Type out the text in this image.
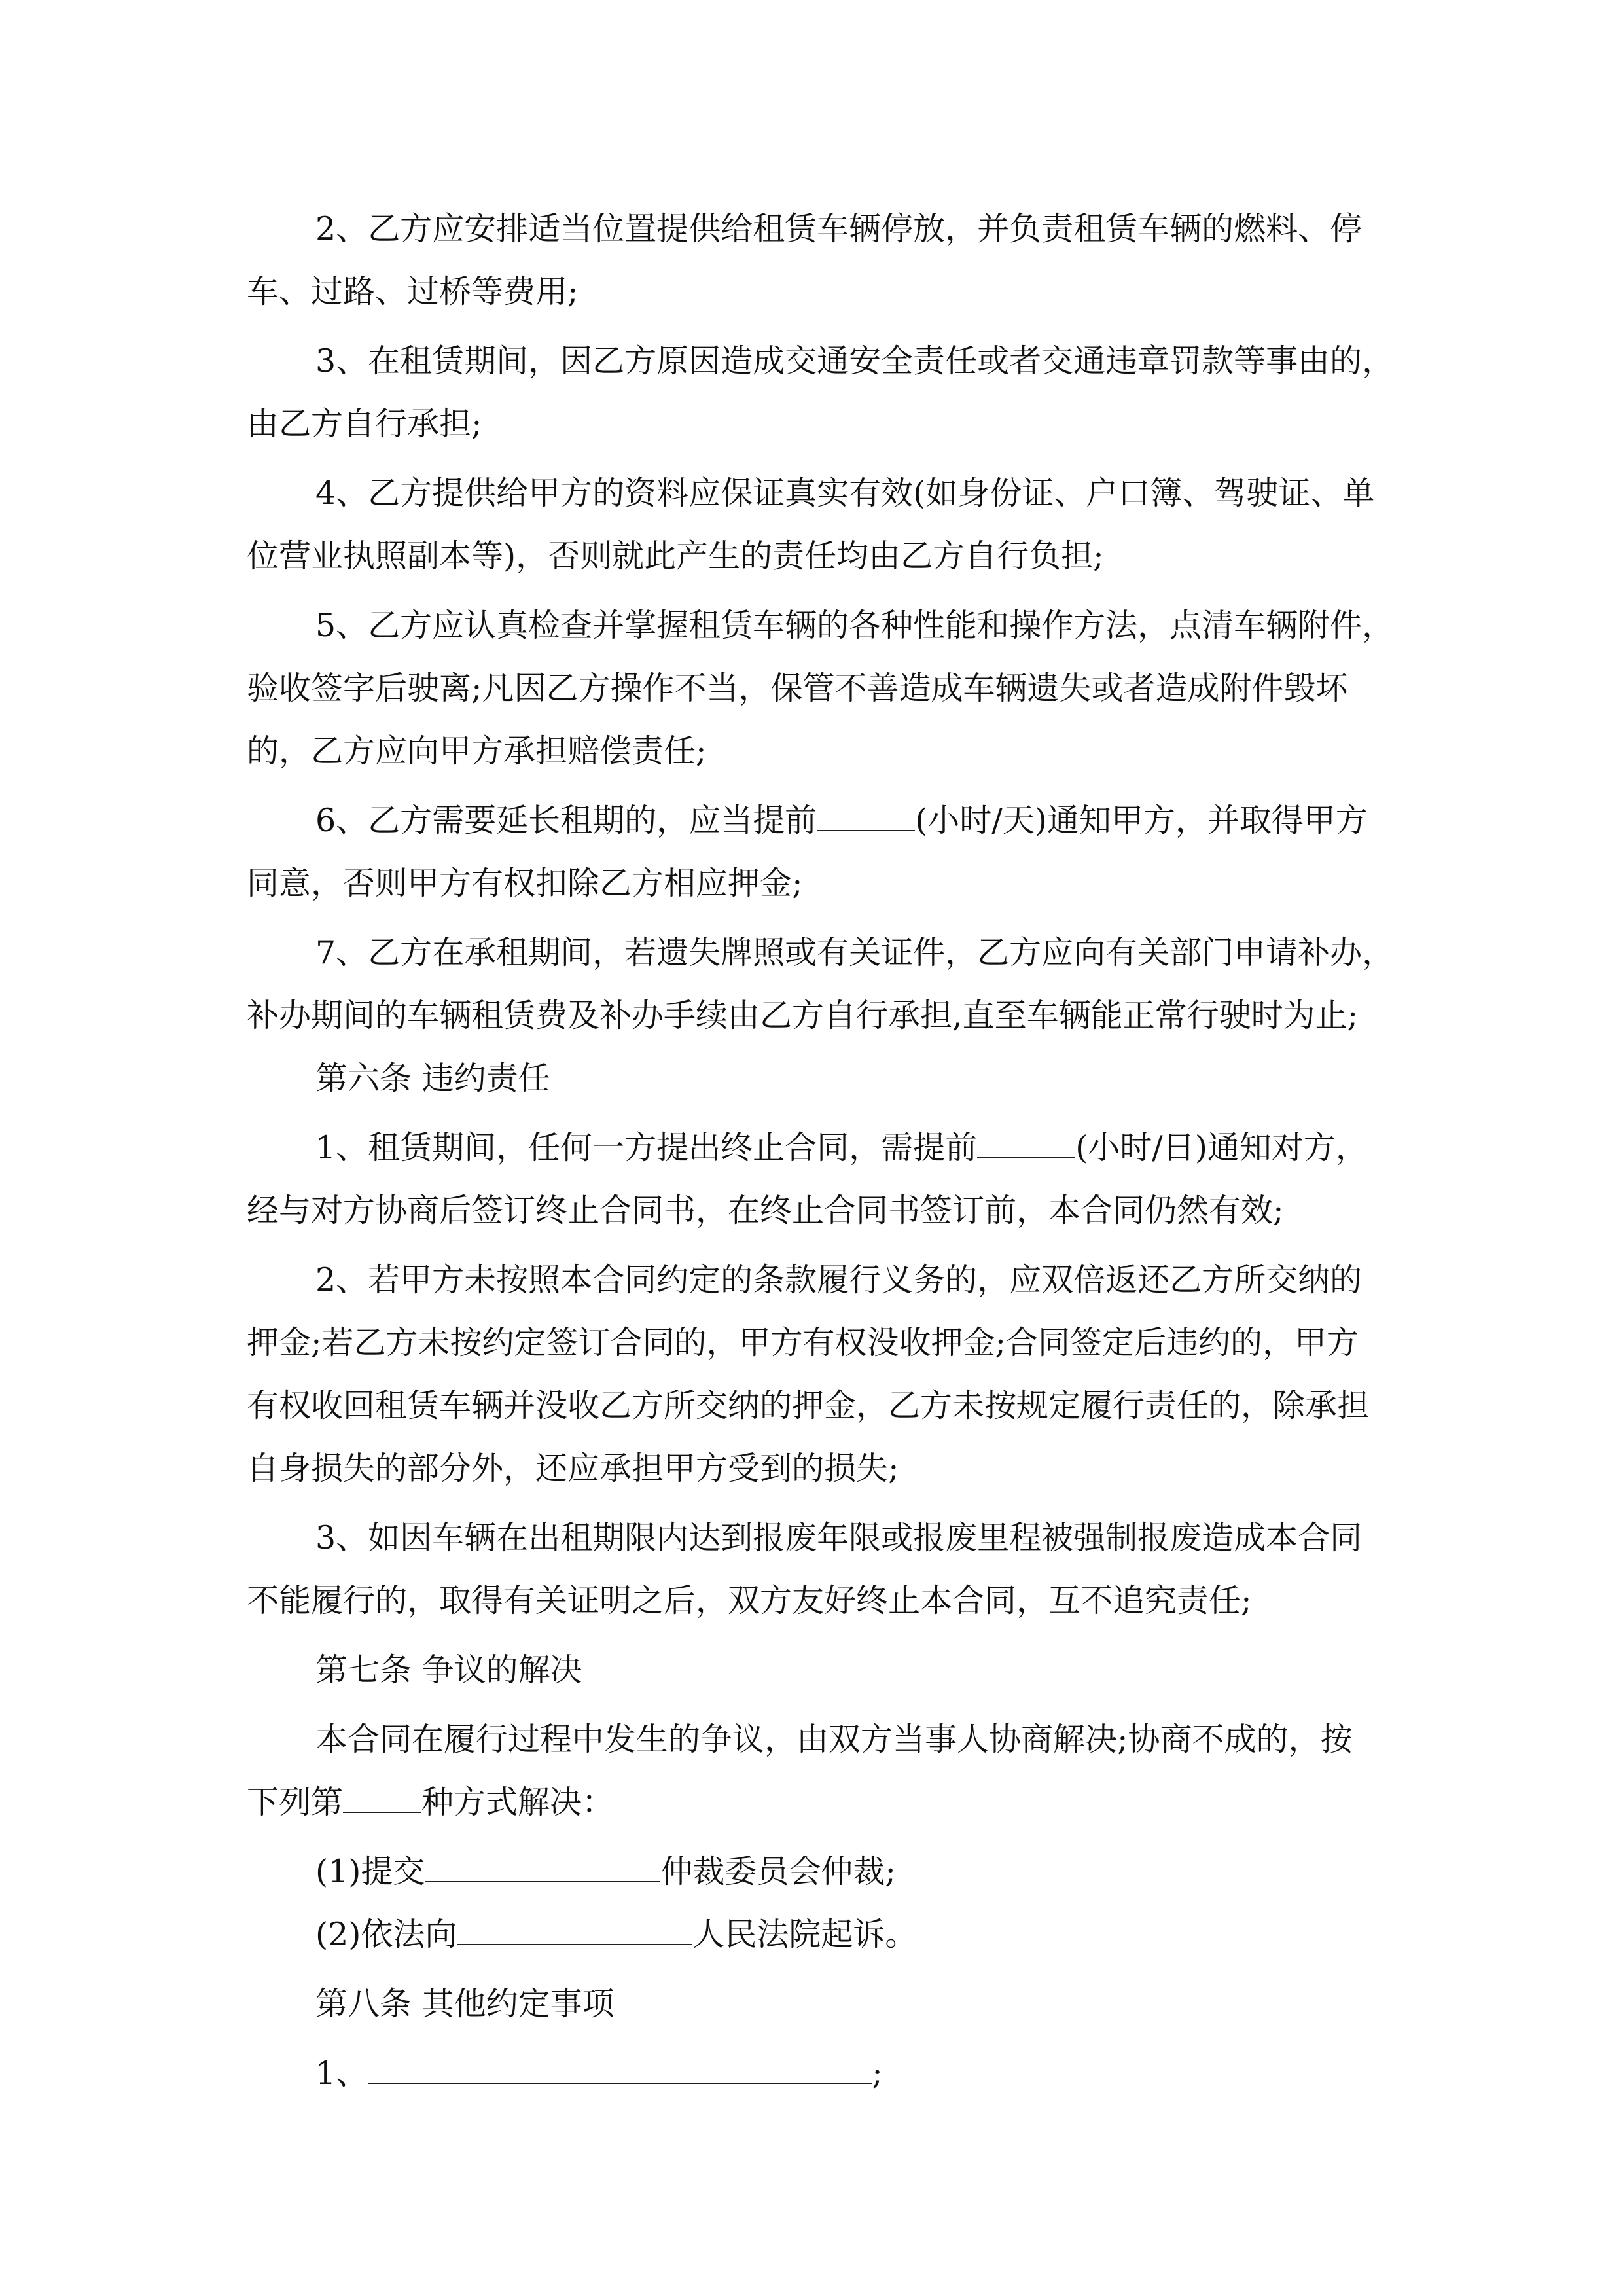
2、乙方应安排适当位置提供给租赁车辆停放，并负责租赁车辆的燃料、停
车、过路、过桥等费用;
3、在租赁期间，因乙方原因造成交通安全责任或者交通违章罚款等事由的，
由乙方自行承担;
4、乙方提供给甲方的资料应保证真实有效(如身份证、户口簿、驾驶证、单
位营业执照副本等)，否则就此产生的责任均由乙方自行负担;
5、乙方应认真检查并掌握租赁车辆的各种性能和操作方法，点清车辆附件，
验收签字后驶离;凡因乙方操作不当，保管不善造成车辆遗失或者造成附件毁坏
的，乙方应向甲方承担赔偿责任;
6、乙方需要延长租期的，应当提前	(小时/天)通知甲方，并取得甲方
同意，否则甲方有权扣除乙方相应押金;
7、乙方在承租期间，若遗失牌照或有关证件，乙方应向有关部门申请补办，
补办期间的车辆租赁费及补办手续由乙方自行承担,直至车辆能正常行驶时为止;
第六条 违约责任
1、租赁期间，任何一方提出终止合同，需提前	(小时/日)通知对方，
经与对方协商后签订终止合同书，在终止合同书签订前，本合同仍然有效;
2、若甲方未按照本合同约定的条款履行义务的，应双倍返还乙方所交纳的
押金;若乙方未按约定签订合同的，甲方有权没收押金;合同签定后违约的，甲方
有权收回租赁车辆并没收乙方所交纳的押金，乙方未按规定履行责任的，除承担
自身损失的部分外，还应承担甲方受到的损失;
3、如因车辆在出租期限内达到报废年限或报废里程被强制报废造成本合同
不能履行的，取得有关证明之后，双方友好终止本合同，互不追究责任;
第七条 争议的解决
本合同在履行过程中发生的争议，由双方当事人协商解决;协商不成的，按
下列第 种方式解决：
(1)提交	仲裁委员会仲裁;
(2)依法向	人民法院起诉。
第八条 其他约定事项
1、	;
